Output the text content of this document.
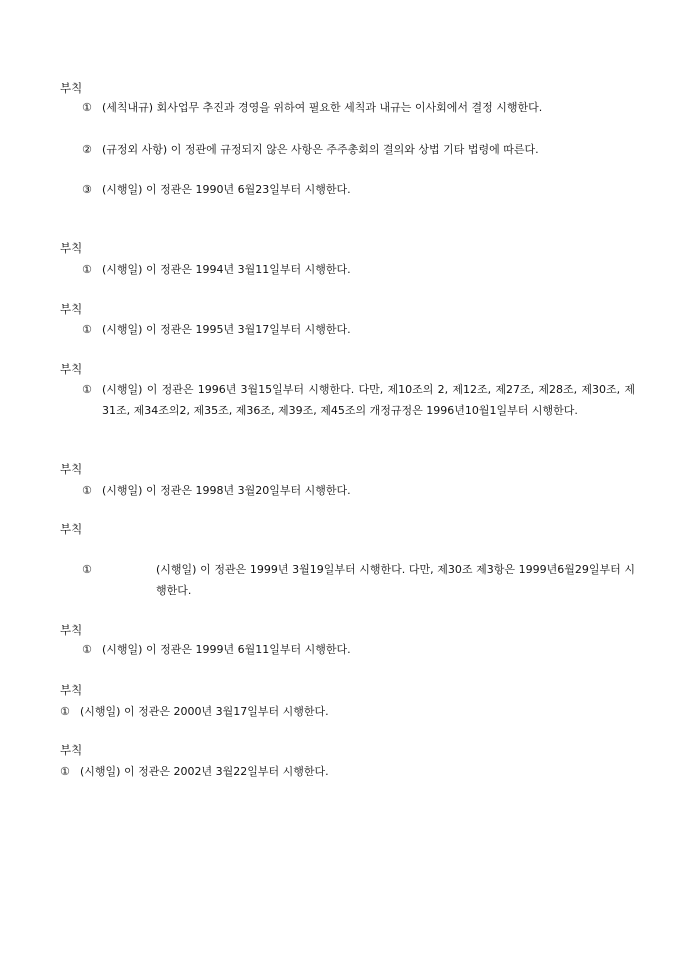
부칙
① (세칙내규) 회사업무 추진과 경영을 위하여 필요한 세칙과 내규는 이사회에서 결정 시행한다.
② (규정외 사항) 이 정관에 규정되지 않은 사항은 주주총회의 결의와 상법 기타 법령에 따른다.
③ (시행일) 이 정관은 1990년 6월23일부터 시행한다.
부칙
① (시행일) 이 정관은 1994년 3월11일부터 시행한다.
부칙
① (시행일) 이 정관은 1995년 3월17일부터 시행한다.
부칙
① (시행일) 이 정관은 1996년 3월15일부터 시행한다. 다만, 제10조의 2, 제12조, 제27조, 제28조, 제30조, 제31조, 제34조의2, 제35조, 제36조, 제39조, 제45조의 개정규정은 1996년10월1일부터 시행한다.
부칙
① (시행일) 이 정관은 1998년 3월20일부터 시행한다.
부칙
①	(시행일) 이 정관은 1999년 3월19일부터 시행한다. 다만, 제30조 제3항은 1999년6월29일부터 시행한다.
부칙
① (시행일) 이 정관은 1999년 6월11일부터 시행한다.
부칙
① (시행일) 이 정관은 2000년 3월17일부터 시행한다.
부칙
① (시행일) 이 정관은 2002년 3월22일부터 시행한다.
